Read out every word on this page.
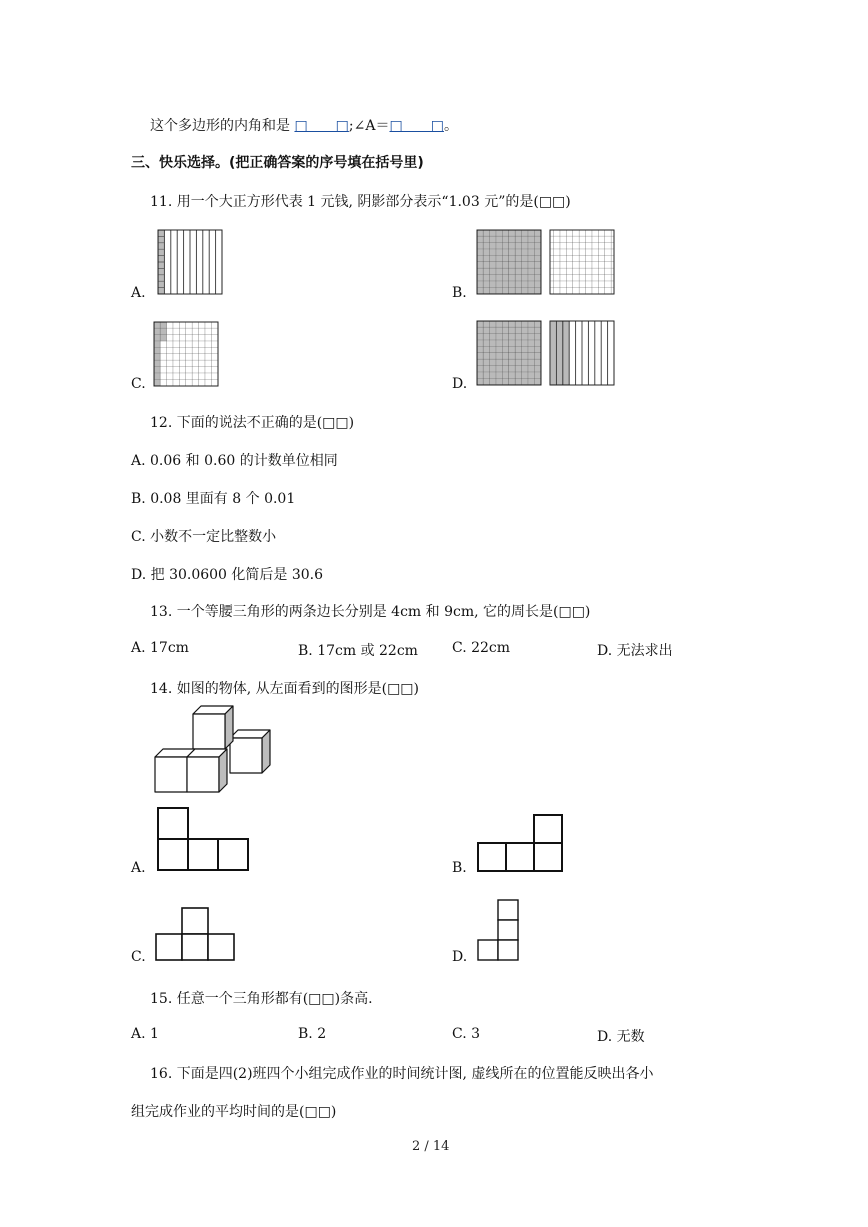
这个多边形的内角和是 □　　□;∠A＝□　　□。
三、快乐选择。(把正确答案的序号填在括号里)
11. 用一个大正方形代表 1 元钱, 阴影部分表示“1.03 元”的是(□□)
A.	B.
C.	D.
12. 下面的说法不正确的是(□□)
A. 0.06 和 0.60 的计数单位相同
B. 0.08 里面有 8 个 0.01
C. 小数不一定比整数小
D. 把 30.0600 化简后是 30.6
13. 一个等腰三角形的两条边长分别是 4cm 和 9cm, 它的周长是(□□)
A. 17cm	B. 17cm 或 22cm C. 22cm	D. 无法求出
14. 如图的物体, 从左面看到的图形是(□□)
A.	B.
C.	D.
15. 任意一个三角形都有(□□)条高.
A. 1	B. 2	C. 3	D. 无数
16. 下面是四(2)班四个小组完成作业的时间统计图, 虚线所在的位置能反映出各小
组完成作业的平均时间的是(□□)
2 / 14
